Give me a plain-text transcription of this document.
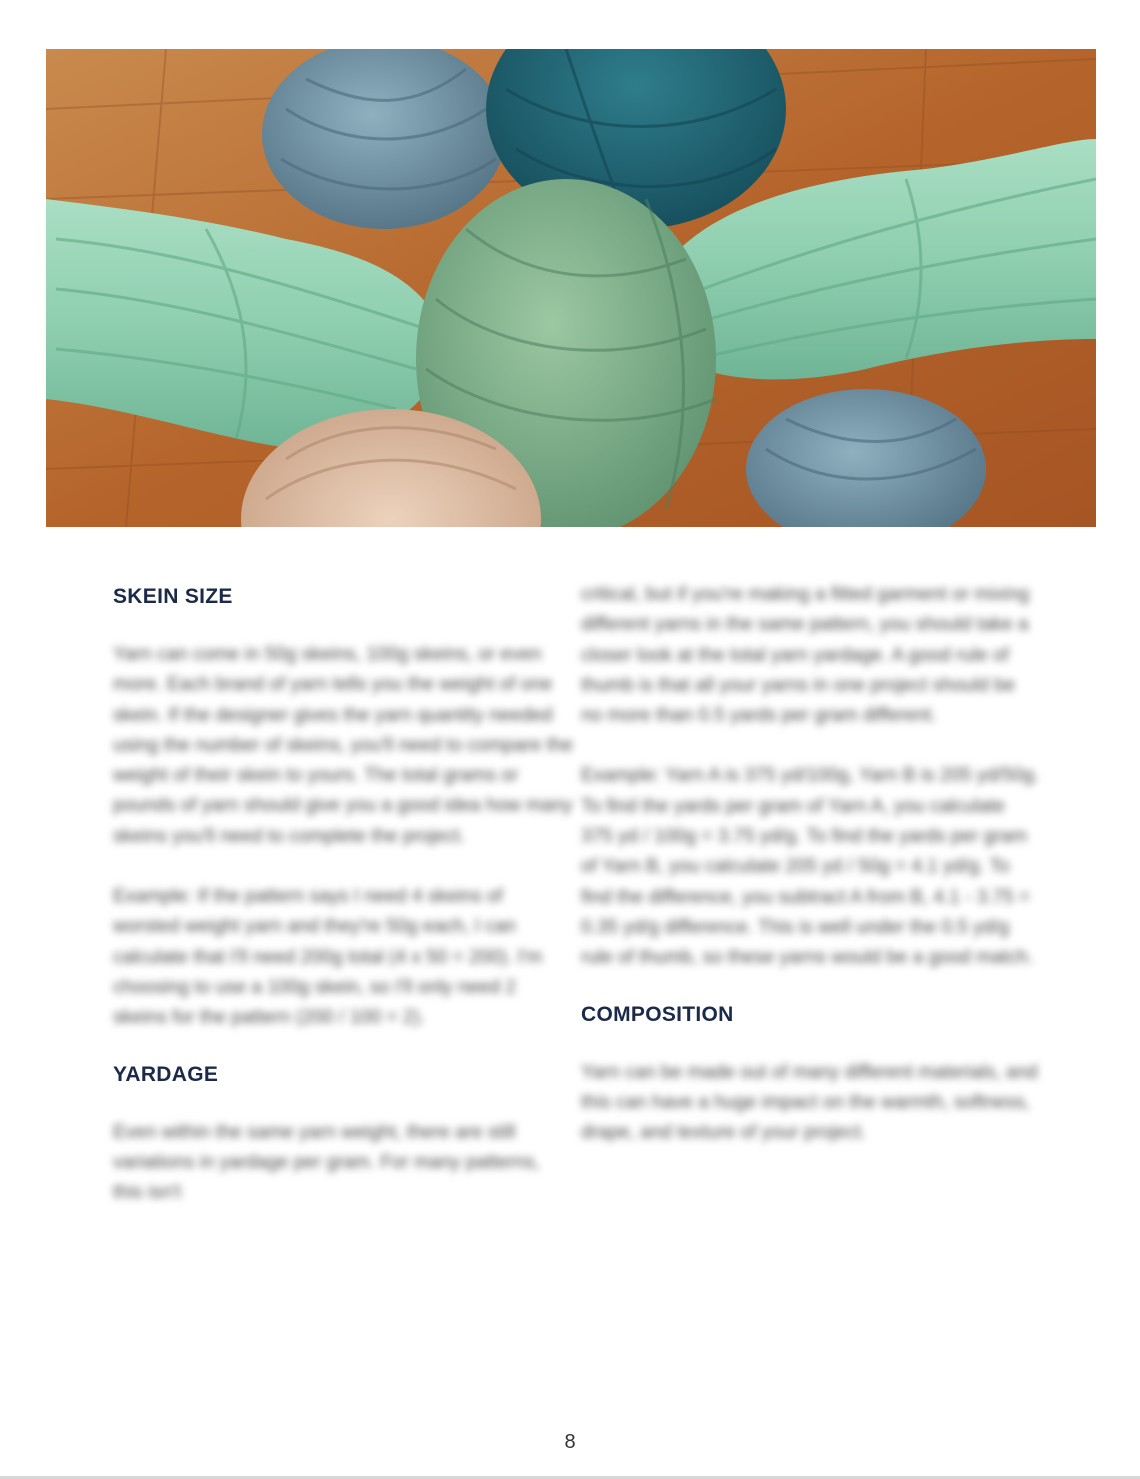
SKEIN SIZE

Yarn can come in 50g skeins, 100g skeins, or even more. Each brand of yarn tells you the weight of one skein. If the designer gives the yarn quantity needed using the number of skeins, you'll need to compare the weight of their skein to yours. The total grams or pounds of yarn should give you a good idea how many skeins you'll need to complete the project.

Example: If the pattern says I need 4 skeins of worsted weight yarn and they're 50g each, I can calculate that I'll need 200g total (4 x 50 = 200). I'm choosing to use a 100g skein, so I'll only need 2 skeins for the pattern (200 / 100 = 2).

YARDAGE

Even within the same yarn weight, there are still variations in yardage per gram. For many patterns, this isn't

critical, but if you're making a fitted garment or mixing different yarns in the same pattern, you should take a closer look at the total yarn yardage. A good rule of thumb is that all your yarns in one project should be no more than 0.5 yards per gram different.

Example: Yarn A is 375 yd/100g, Yarn B is 205 yd/50g. To find the yards per gram of Yarn A, you calculate 375 yd / 100g = 3.75 yd/g. To find the yards per gram of Yarn B, you calculate 205 yd / 50g = 4.1 yd/g. To find the difference, you subtract A from B, 4.1 - 3.75 = 0.35 yd/g difference. This is well under the 0.5 yd/g rule of thumb, so these yarns would be a good match.

COMPOSITION

Yarn can be made out of many different materials, and this can have a huge impact on the warmth, softness, drape, and texture of your project.

8
